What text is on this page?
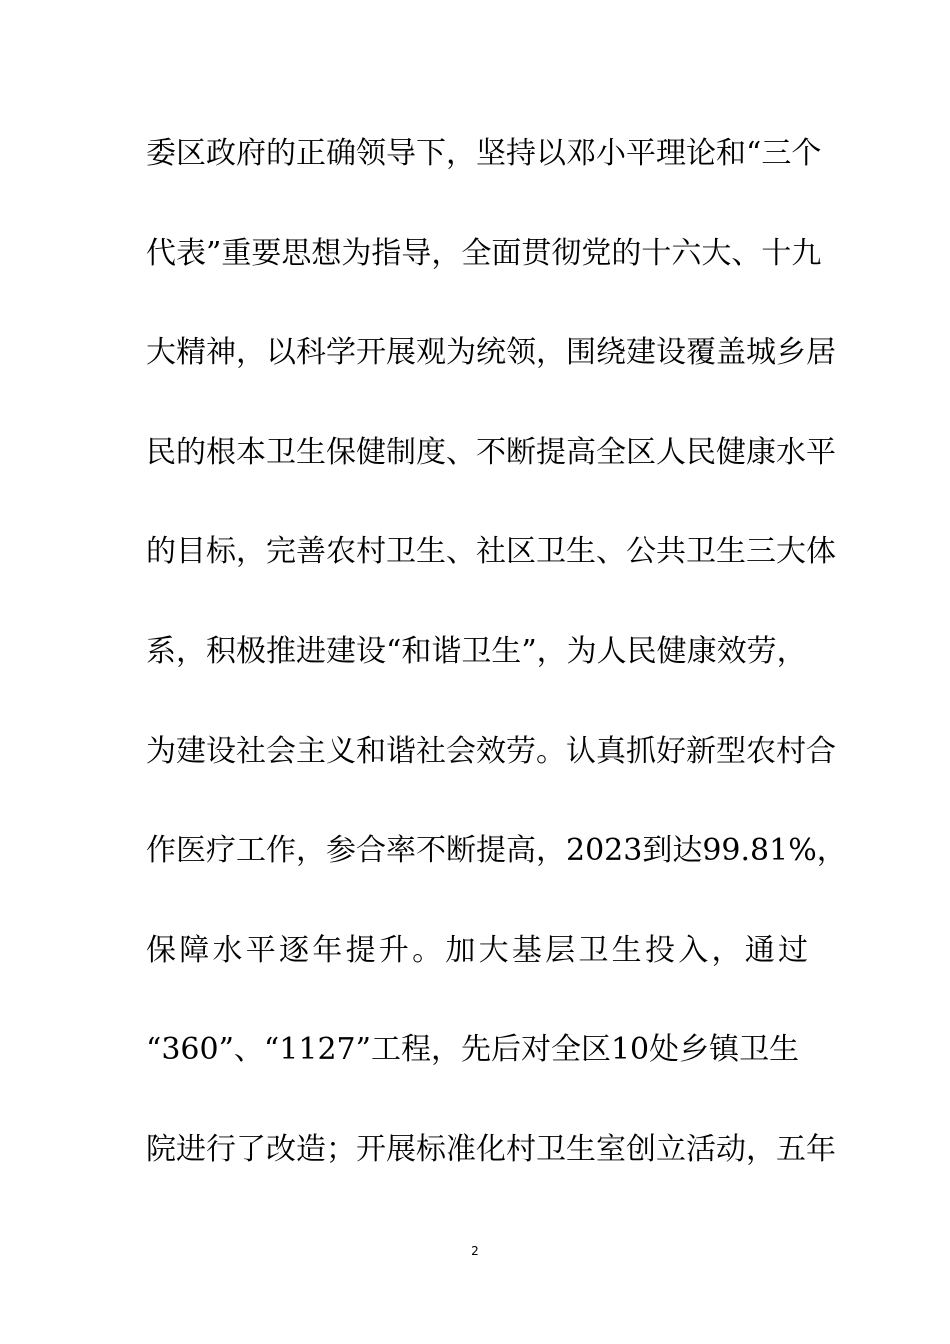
委区政府的正确领导下，坚持以邓小平理论和“三个
代表”重要思想为指导，全面贯彻党的十六大、十九
大精神，以科学开展观为统领，围绕建设覆盖城乡居
民的根本卫生保健制度、不断提高全区人民健康水平
的目标，完善农村卫生、社区卫生、公共卫生三大体
系，积极推进建设“和谐卫生”，为人民健康效劳，
为建设社会主义和谐社会效劳。认真抓好新型农村合
作医疗工作，参合率不断提高，2023到达99.81%，
保障水平逐年提升。加大基层卫生投入，通过
“360”、“1127”工程，先后对全区10处乡镇卫生
院进行了改造；开展标准化村卫生室创立活动，五年
2
